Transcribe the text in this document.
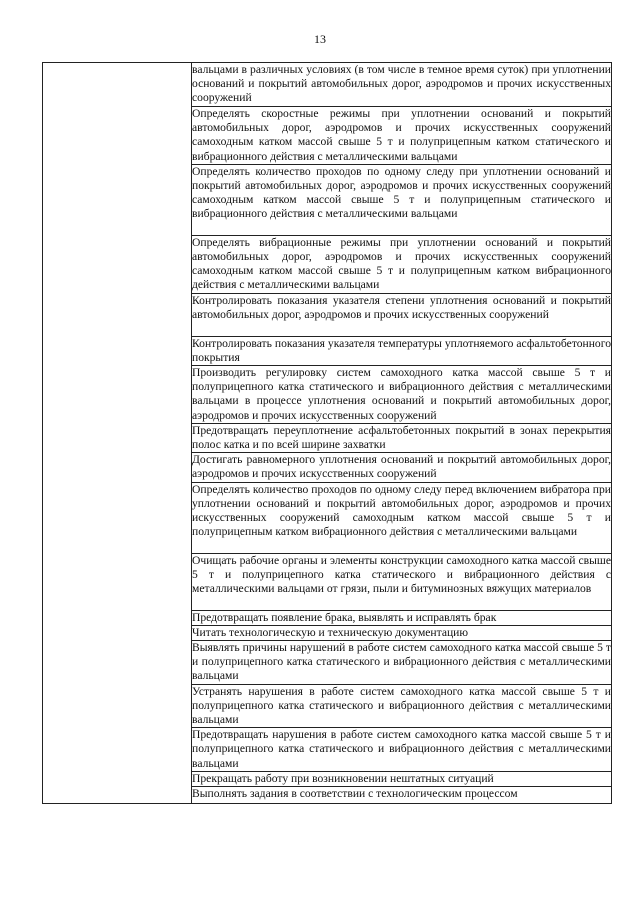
13
	вальцами в различных условиях (в том числе в темное время суток) при уплотнении оснований и покрытий автомобильных дорог, аэродромов и прочих искусственных сооружений
Определять скоростные режимы при уплотнении оснований и покрытий автомобильных дорог, аэродромов и прочих искусственных сооружений самоходным катком массой свыше 5 т и полуприцепным катком статического и вибрационного действия с металлическими вальцами
Определять количество проходов по одному следу при уплотнении оснований и покрытий автомобильных дорог, аэродромов и прочих искусственных сооружений самоходным катком массой свыше 5 т и полуприцепным статического и вибрационного действия с металлическими вальцами
Определять вибрационные режимы при уплотнении оснований и покрытий автомобильных дорог, аэродромов и прочих искусственных сооружений самоходным катком массой свыше 5 т и полуприцепным катком вибрационного действия с металлическими вальцами
Контролировать показания указателя степени уплотнения оснований и покрытий автомобильных дорог, аэродромов и прочих искусственных сооружений
Контролировать показания указателя температуры уплотняемого асфальтобетонного покрытия
Производить регулировку систем самоходного катка массой свыше 5 т и полуприцепного катка статического и вибрационного действия с металлическими вальцами в процессе уплотнения оснований и покрытий автомобильных дорог, аэродромов и прочих искусственных сооружений
Предотвращать переуплотнение асфальтобетонных покрытий в зонах перекрытия полос катка и по всей ширине захватки
Достигать равномерного уплотнения оснований и покрытий автомобильных дорог, аэродромов и прочих искусственных сооружений
Определять количество проходов по одному следу перед включением вибратора при уплотнении оснований и покрытий автомобильных дорог, аэродромов и прочих искусственных сооружений самоходным катком массой свыше 5 т и полуприцепным катком вибрационного действия с металлическими вальцами
Очищать рабочие органы и элементы конструкции самоходного катка массой свыше 5 т и полуприцепного катка статического и вибрационного действия с металлическими вальцами от грязи, пыли и битуминозных вяжущих материалов
Предотвращать появление брака, выявлять и исправлять брак
Читать технологическую и техническую документацию
Выявлять причины нарушений в работе систем самоходного катка массой свыше 5 т и полуприцепного катка статического и вибрационного действия с металлическими вальцами
Устранять нарушения в работе систем самоходного катка массой свыше 5 т и полуприцепного катка статического и вибрационного действия с металлическими вальцами
Предотвращать нарушения в работе систем самоходного катка массой свыше 5 т и полуприцепного катка статического и вибрационного действия с металлическими вальцами
Прекращать работу при возникновении нештатных ситуаций
Выполнять задания в соответствии с технологическим процессом
